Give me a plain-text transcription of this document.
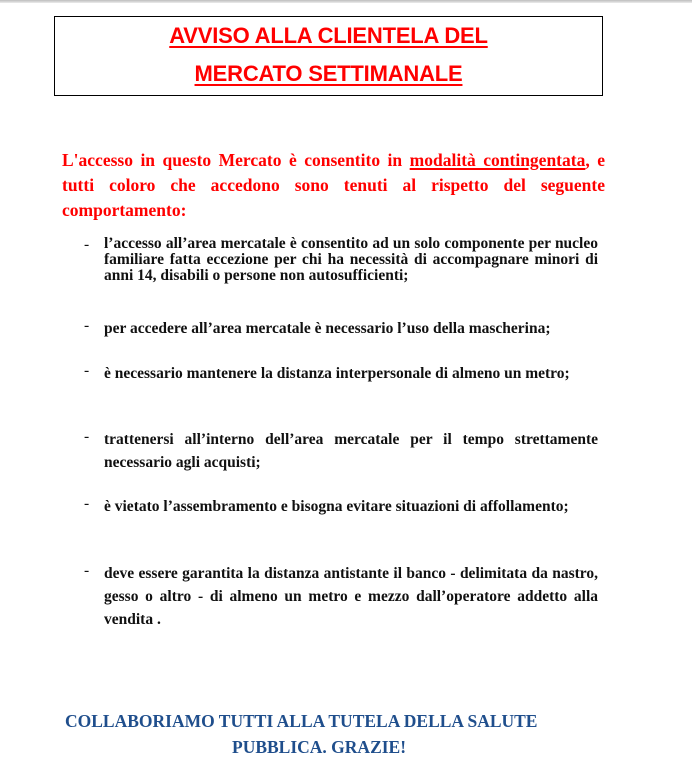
AVVISO ALLA CLIENTELA DEL
MERCATO SETTIMANALE
L'accesso in questo Mercato è consentito in modalità contingentata, e tutti coloro che accedono sono tenuti al rispetto del seguente comportamento:
- l’accesso all’area mercatale è consentito ad un solo componente per nucleo familiare fatta eccezione per chi ha necessità di accompagnare minori di anni 14, disabili o persone non autosufficienti;
- per accedere all’area mercatale è necessario l’uso della mascherina;
- è necessario mantenere la distanza interpersonale di almeno un metro;
- trattenersi all’interno dell’area mercatale per il tempo strettamente necessario agli acquisti;
- è vietato l’assembramento e bisogna evitare situazioni di affollamento;
- deve essere garantita la distanza antistante il banco - delimitata da nastro, gesso o altro - di almeno un metro e mezzo dall’operatore addetto alla vendita .
COLLABORIAMO TUTTI ALLA TUTELA DELLA SALUTE
PUBBLICA. GRAZIE!
